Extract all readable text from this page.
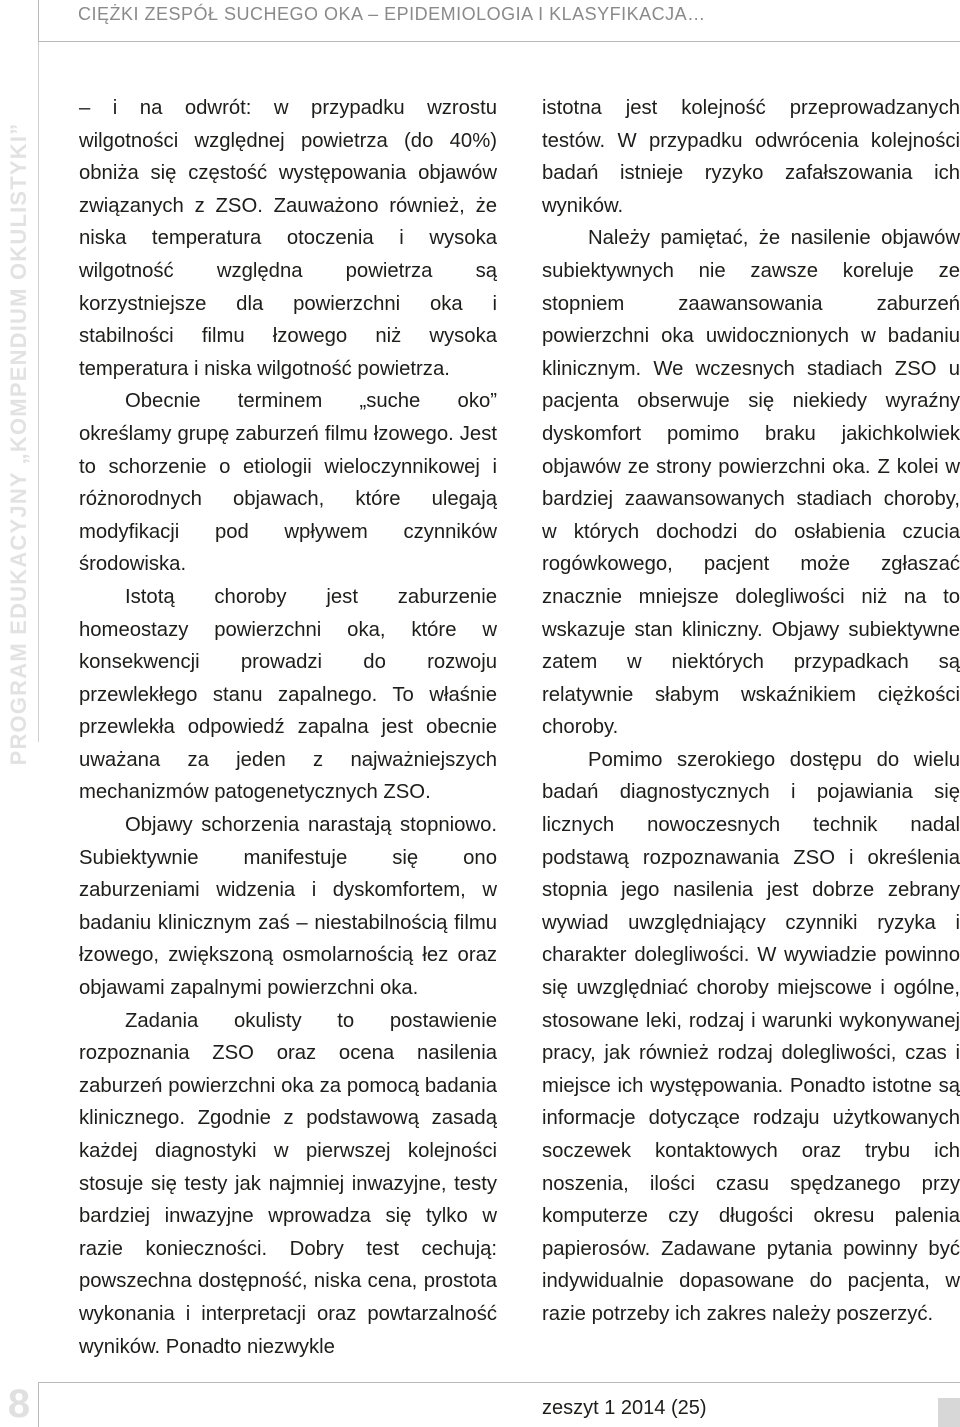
CIĘŻKI ZESPÓŁ SUCHEGO OKA – EPIDEMIOLOGIA I KLASYFIKACJA…
PROGRAM EDUKACYJNY „KOMPENDIUM OKULISTYKI”

– i na odwrót: w przypadku wzrostu wilgotności względnej powietrza (do 40%) obniża się częstość występowania objawów związanych z ZSO. Zauważono również, że niska temperatura otoczenia i wysoka wilgotność względna powietrza są korzystniejsze dla powierzchni oka i stabilności filmu łzowego niż wysoka temperatura i niska wilgotność powietrza.

Obecnie terminem „suche oko” określamy grupę zaburzeń filmu łzowego. Jest to schorzenie o etiologii wieloczynnikowej i różnorodnych objawach, które ulegają modyfikacji pod wpływem czynników środowiska.

Istotą choroby jest zaburzenie homeostazy powierzchni oka, które w konsekwencji prowadzi do rozwoju przewlekłego stanu zapalnego. To właśnie przewlekła odpowiedź zapalna jest obecnie uważana za jeden z najważniejszych mechanizmów patogenetycznych ZSO.

Objawy schorzenia narastają stopniowo. Subiektywnie manifestuje się ono zaburzeniami widzenia i dyskomfortem, w badaniu klinicznym zaś – niestabilnością filmu łzowego, zwiększoną osmolarnością łez oraz objawami zapalnymi powierzchni oka.

Zadania okulisty to postawienie rozpoznania ZSO oraz ocena nasilenia zaburzeń powierzchni oka za pomocą badania klinicznego. Zgodnie z podstawową zasadą każdej diagnostyki w pierwszej kolejności stosuje się testy jak najmniej inwazyjne, testy bardziej inwazyjne wprowadza się tylko w razie konieczności. Dobry test cechują: powszechna dostępność, niska cena, prostota wykonania i interpretacji oraz powtarzalność wyników. Ponadto niezwykle

istotna jest kolejność przeprowadzanych testów. W przypadku odwrócenia kolejności badań istnieje ryzyko zafałszowania ich wyników.

Należy pamiętać, że nasilenie objawów subiektywnych nie zawsze koreluje ze stopniem zaawansowania zaburzeń powierzchni oka uwidocznionych w badaniu klinicznym. We wczesnych stadiach ZSO u pacjenta obserwuje się niekiedy wyraźny dyskomfort pomimo braku jakichkolwiek objawów ze strony powierzchni oka. Z kolei w bardziej zaawansowanych stadiach choroby, w których dochodzi do osłabienia czucia rogówkowego, pacjent może zgłaszać znacznie mniejsze dolegliwości niż na to wskazuje stan kliniczny. Objawy subiektywne zatem w niektórych przypadkach są relatywnie słabym wskaźnikiem ciężkości choroby.

Pomimo szerokiego dostępu do wielu badań diagnostycznych i pojawiania się licznych nowoczesnych technik nadal podstawą rozpoznawania ZSO i określenia stopnia jego nasilenia jest dobrze zebrany wywiad uwzględniający czynniki ryzyka i charakter dolegliwości. W wywiadzie powinno się uwzględniać choroby miejscowe i ogólne, stosowane leki, rodzaj i warunki wykonywanej pracy, jak również rodzaj dolegliwości, czas i miejsce ich występowania. Ponadto istotne są informacje dotyczące rodzaju użytkowanych soczewek kontaktowych oraz trybu ich noszenia, ilości czasu spędzanego przy komputerze czy długości okresu palenia papierosów. Zadawane pytania powinny być indywidualnie dopasowane do pacjenta, w razie potrzeby ich zakres należy poszerzyć.

8	zeszyt 1 2014 (25)
